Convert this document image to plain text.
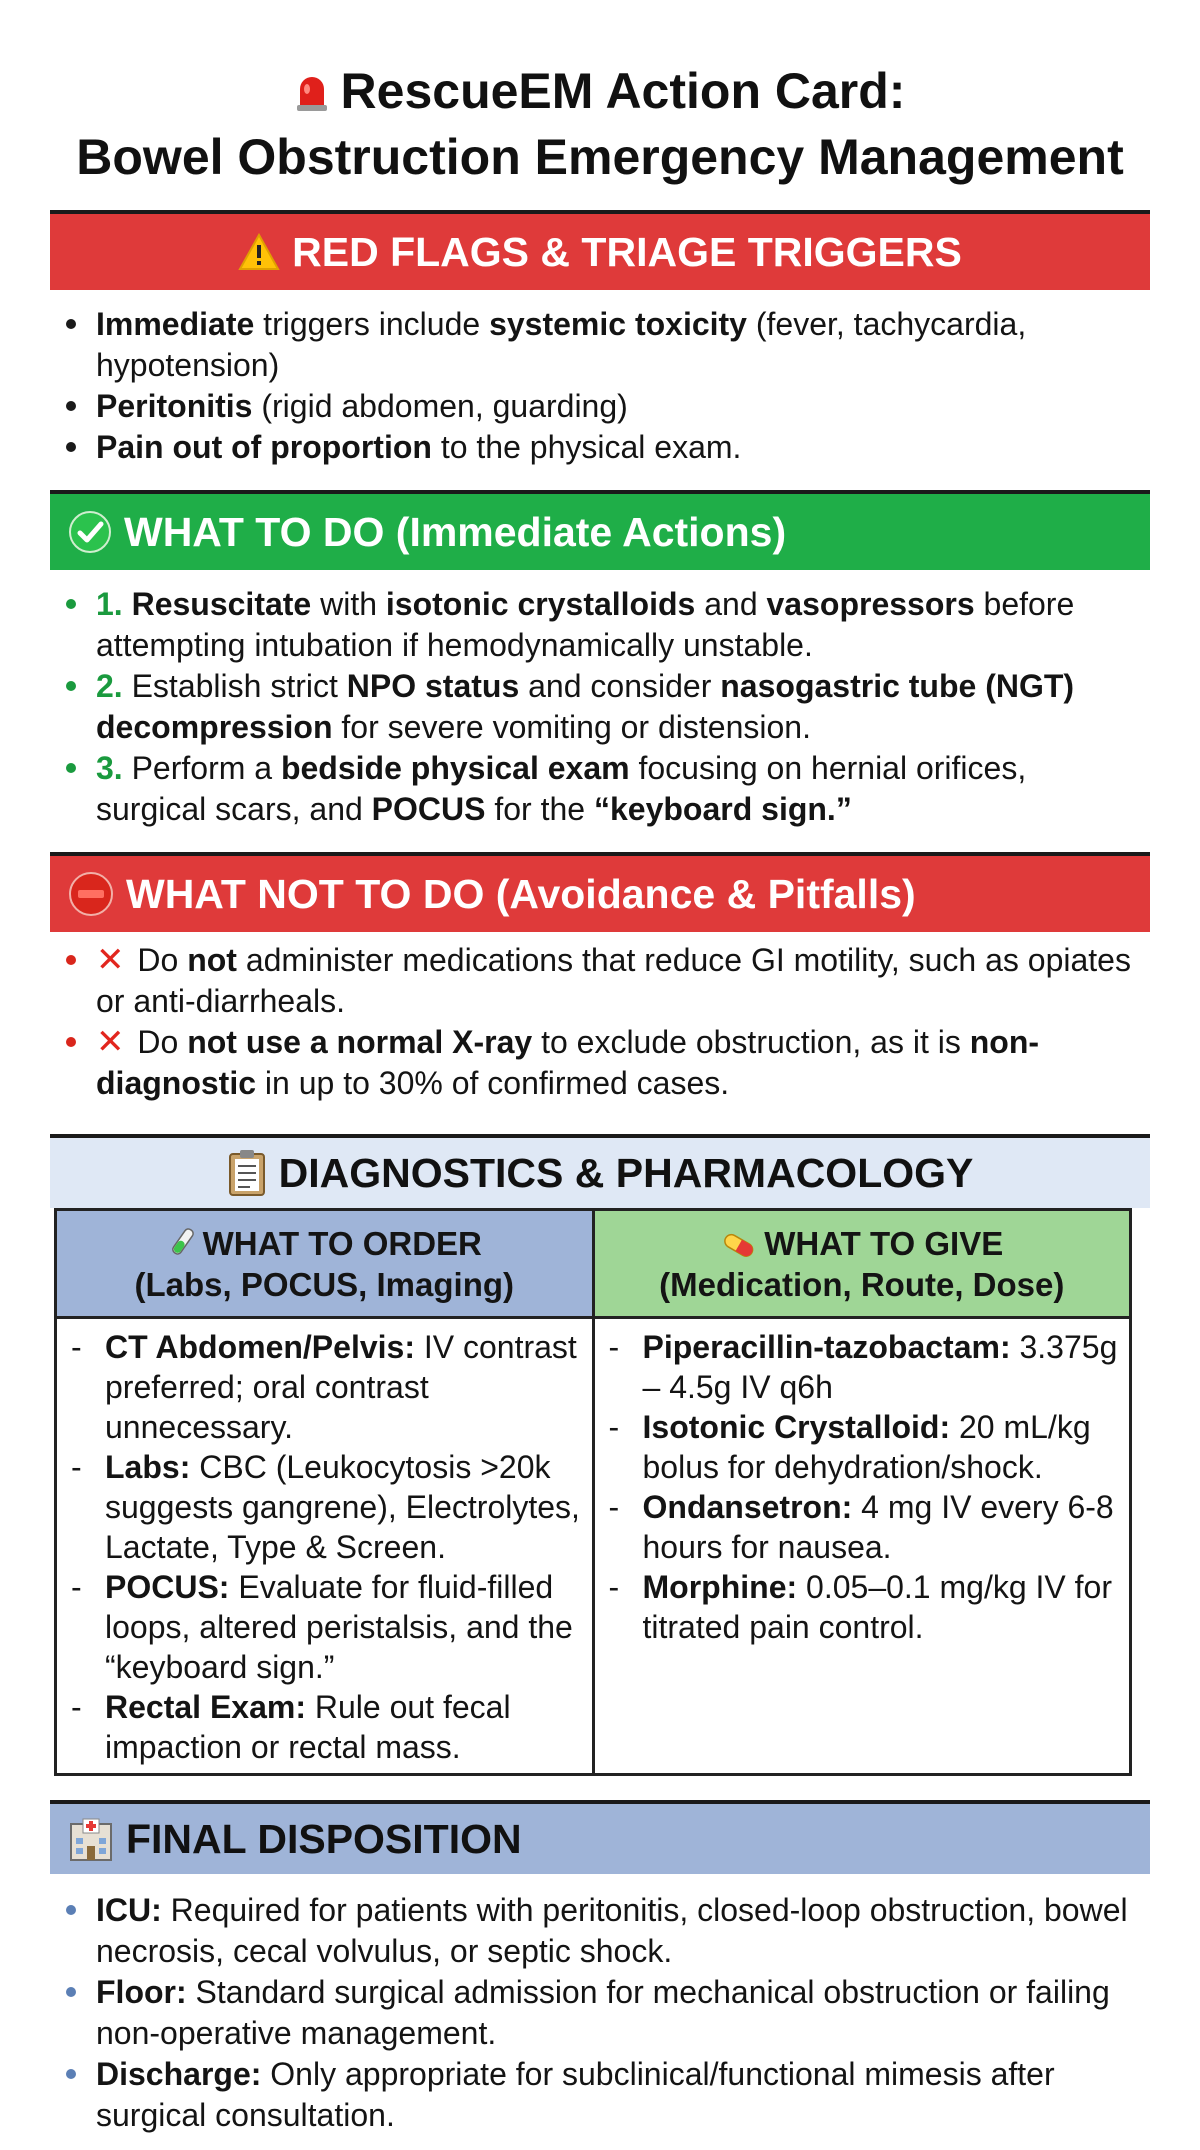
RescueEM Action Card:
Bowel Obstruction Emergency Management
RED FLAGS & TRIAGE TRIGGERS
Immediate triggers include systemic toxicity (fever, tachycardia, hypotension)
Peritonitis (rigid abdomen, guarding)
Pain out of proportion to the physical exam.
WHAT TO DO (Immediate Actions)
1. Resuscitate with isotonic crystalloids and vasopressors before attempting intubation if hemodynamically unstable.
2. Establish strict NPO status and consider nasogastric tube (NGT) decompression for severe vomiting or distension.
3. Perform a bedside physical exam focusing on hernial orifices, surgical scars, and POCUS for the “keyboard sign.”
WHAT NOT TO DO (Avoidance & Pitfalls)
✕ Do not administer medications that reduce GI motility, such as opiates or anti-diarrheals.
✕ Do not use a normal X-ray to exclude obstruction, as it is non-diagnostic in up to 30% of confirmed cases.
DIAGNOSTICS & PHARMACOLOGY
WHAT TO ORDER
(Labs, POCUS, Imaging)
WHAT TO GIVE
(Medication, Route, Dose)
- CT Abdomen/Pelvis: IV contrast preferred; oral contrast unnecessary.
- Labs: CBC (Leukocytosis >20k suggests gangrene), Electrolytes, Lactate, Type & Screen.
- POCUS: Evaluate for fluid-filled loops, altered peristalsis, and the “keyboard sign.”
- Rectal Exam: Rule out fecal impaction or rectal mass.
- Piperacillin-tazobactam: 3.375g – 4.5g IV q6h
- Isotonic Crystalloid: 20 mL/kg bolus for dehydration/shock.
- Ondansetron: 4 mg IV every 6-8 hours for nausea.
- Morphine: 0.05–0.1 mg/kg IV for titrated pain control.
FINAL DISPOSITION
ICU: Required for patients with peritonitis, closed-loop obstruction, bowel necrosis, cecal volvulus, or septic shock.
Floor: Standard surgical admission for mechanical obstruction or failing non-operative management.
Discharge: Only appropriate for subclinical/functional mimesis after surgical consultation.
